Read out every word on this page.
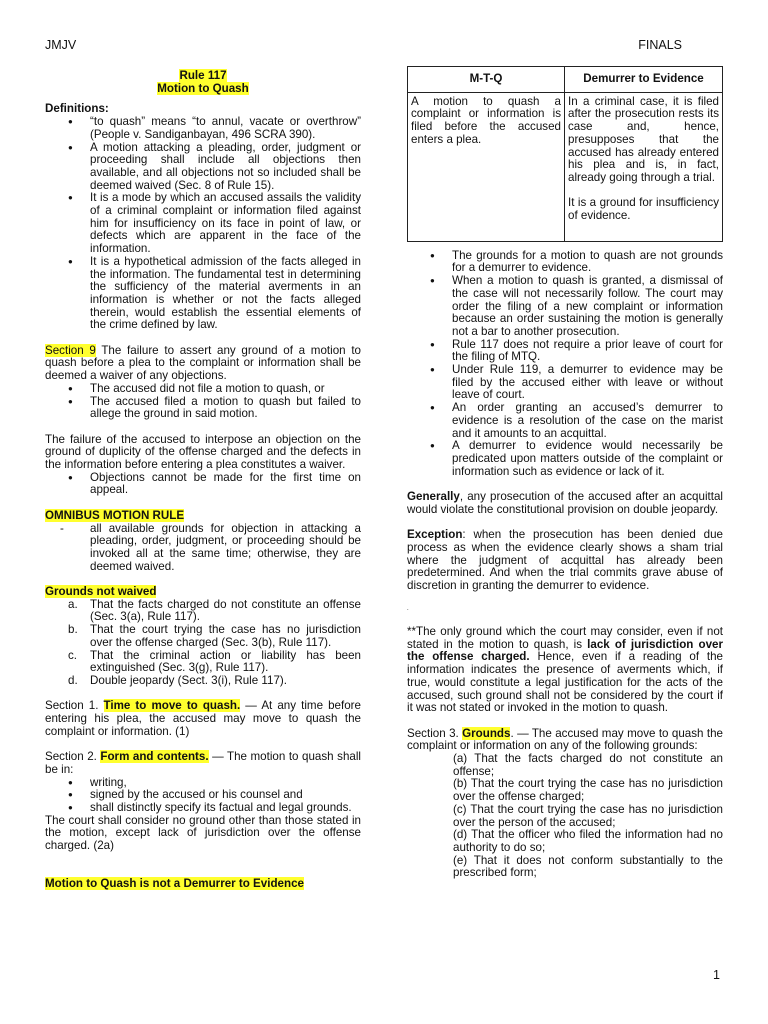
JMJV	FINALS

Rule 117

Motion to Quash

Definitions:

● “to quash” means “to annul, vacate or overthrow” (People v. Sandiganbayan, 496 SCRA 390).
● A motion attacking a pleading, order, judgment or proceeding shall include all objections then available, and all objections not so included shall be deemed waived (Sec. 8 of Rule 15).
● It is a mode by which an accused assails the validity of a criminal complaint or information filed against him for insufficiency on its face in point of law, or defects which are apparent in the face of the information.
● It is a hypothetical admission of the facts alleged in the information. The fundamental test in determining the sufficiency of the material averments in an information is whether or not the facts alleged therein, would establish the essential elements of the crime defined by law.

Section 9 The failure to assert any ground of a motion to quash before a plea to the complaint or information shall be deemed a waiver of any objections.

● The accused did not file a motion to quash, or
● The accused filed a motion to quash but failed to allege the ground in said motion.

The failure of the accused to interpose an objection on the ground of duplicity of the offense charged and the defects in the information before entering a plea constitutes a waiver.

● Objections cannot be made for the first time on appeal.

OMNIBUS MOTION RULE

- all available grounds for objection in attacking a pleading, order, judgment, or proceeding should be invoked all at the same time; otherwise, they are deemed waived.

Grounds not waived

a. That the facts charged do not constitute an offense (Sec. 3(a), Rule 117).
b. That the court trying the case has no jurisdiction over the offense charged (Sec. 3(b), Rule 117).
c. That the criminal action or liability has been extinguished (Sec. 3(g), Rule 117).
d. Double jeopardy (Sect. 3(i), Rule 117).

Section 1. Time to move to quash. — At any time before entering his plea, the accused may move to quash the complaint or information. (1)

Section 2. Form and contents. — The motion to quash shall be in:

● writing,
● signed by the accused or his counsel and
● shall distinctly specify its factual and legal grounds.

The court shall consider no ground other than those stated in the motion, except lack of jurisdiction over the offense charged. (2a)

Motion to Quash is not a Demurrer to Evidence

M-T-Q	Demurrer to Evidence
A motion to quash a complaint or information is filed before the accused enters a plea.	In a criminal case, it is filed after the prosecution rests its case and, hence, presupposes that the accused has already entered his plea and is, in fact, already going through a trial.

It is a ground for insufficiency of evidence.

● The grounds for a motion to quash are not grounds for a demurrer to evidence.
● When a motion to quash is granted, a dismissal of the case will not necessarily follow. The court may order the filing of a new complaint or information because an order sustaining the motion is generally not a bar to another prosecution.
● Rule 117 does not require a prior leave of court for the filing of MTQ.
● Under Rule 119, a demurrer to evidence may be filed by the accused either with leave or without leave of court.
● An order granting an accused’s demurrer to evidence is a resolution of the case on the marist and it amounts to an acquittal.
● A demurrer to evidence would necessarily be predicated upon matters outside of the complaint or information such as evidence or lack of it.

Generally, any prosecution of the accused after an acquittal would violate the constitutional provision on double jeopardy.

Exception: when the prosecution has been denied due process as when the evidence clearly shows a sham trial where the judgment of acquittal has already been predetermined. And when the trial commits grave abuse of discretion in granting the demurrer to evidence.

.

**The only ground which the court may consider, even if not stated in the motion to quash, is lack of jurisdiction over the offense charged. Hence, even if a reading of the information indicates the presence of averments which, if true, would constitute a legal justification for the acts of the accused, such ground shall not be considered by the court if it was not stated or invoked in the motion to quash.

Section 3. Grounds. — The accused may move to quash the complaint or information on any of the following grounds:

(a) That the facts charged do not constitute an offense;

(b) That the court trying the case has no jurisdiction over the offense charged;

(c) That the court trying the case has no jurisdiction over the person of the accused;

(d) That the officer who filed the information had no authority to do so;

(e) That it does not conform substantially to the prescribed form;

1
